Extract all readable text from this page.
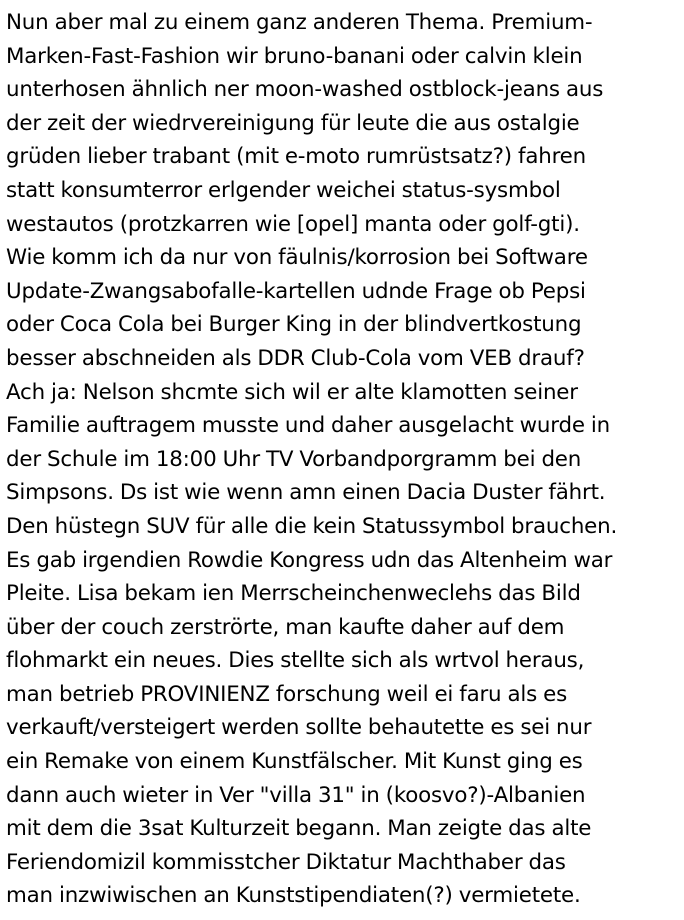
Nun aber mal zu einem ganz anderen Thema. Premium-
Marken-Fast-Fashion wir bruno-banani oder calvin klein
unterhosen ähnlich ner moon-washed ostblock-jeans aus
der zeit der wiedrvereinigung für leute die aus ostalgie
grüden lieber trabant (mit e-moto rumrüstsatz?) fahren
statt konsumterror erlgender weichei status-sysmbol
westautos (protzkarren wie [opel] manta oder golf-gti).
Wie komm ich da nur von fäulnis/korrosion bei Software
Update-Zwangsabofalle-kartellen udnde Frage ob Pepsi
oder Coca Cola bei Burger King in der blindvertkostung
besser abschneiden als DDR Club-Cola vom VEB drauf?
Ach ja: Nelson shcmte sich wil er alte klamotten seiner
Familie auftragem musste und daher ausgelacht wurde in
der Schule im 18:00 Uhr TV Vorbandporgramm bei den
Simpsons. Ds ist wie wenn amn einen Dacia Duster fährt.
Den hüstegn SUV für alle die kein Statussymbol brauchen.
Es gab irgendien Rowdie Kongress udn das Altenheim war
Pleite. Lisa bekam ien Merrscheinchenweclehs das Bild
über der couch zerströrte, man kaufte daher auf dem
flohmarkt ein neues. Dies stellte sich als wrtvol heraus,
man betrieb PROVINIENZ forschung weil ei faru als es
verkauft/versteigert werden sollte behautette es sei nur
ein Remake von einem Kunstfälscher. Mit Kunst ging es
dann auch wieter in Ver "villa 31" in (koosvo?)-Albanien
mit dem die 3sat Kulturzeit begann. Man zeigte das alte
Feriendomizil kommisstcher Diktatur Machthaber das
man inzwiwischen an Kunststipendiaten(?) vermietete.
